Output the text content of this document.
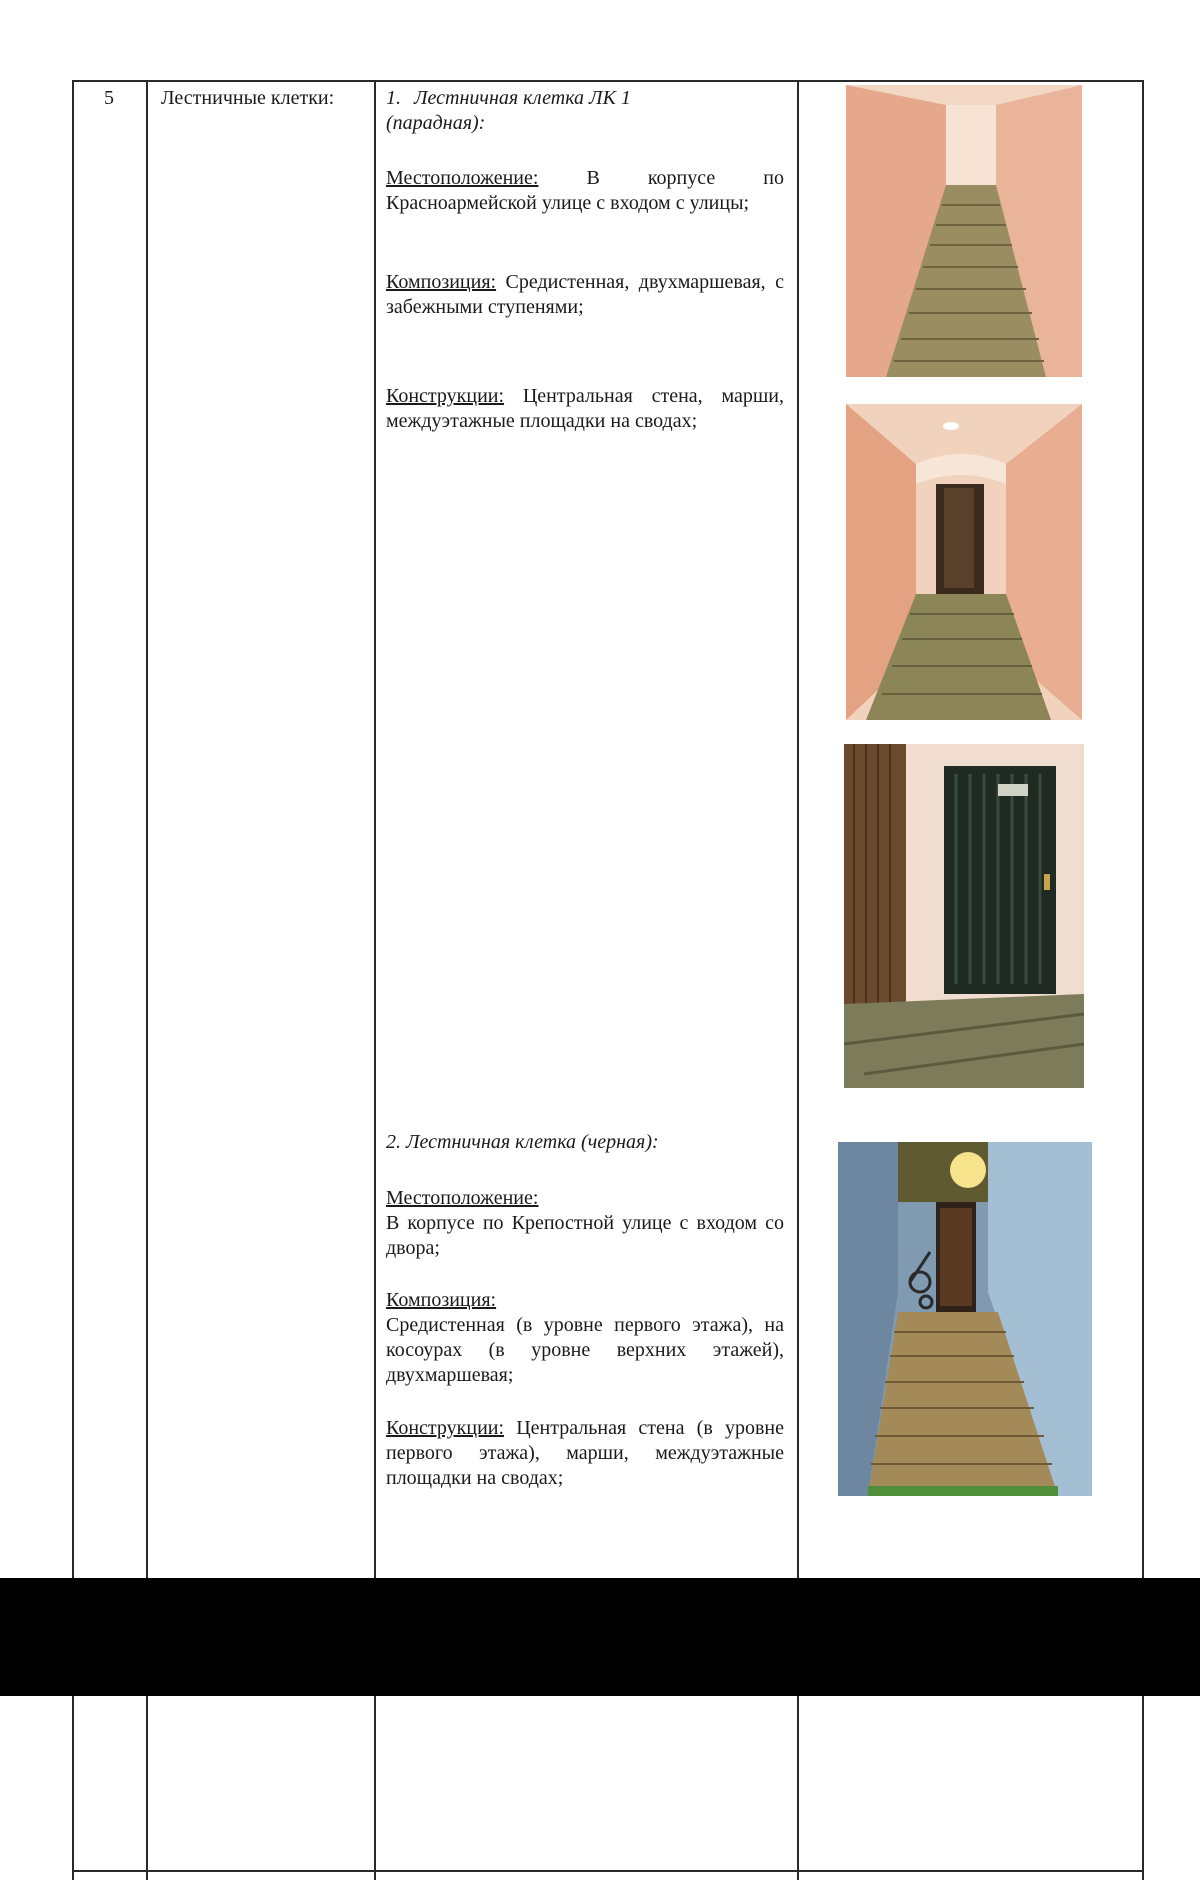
5 Лестничные клетки:	1. Лестничная клетка ЛК 1

(парадная):

Местоположение: В корпусе по Красноармейской улице с входом с улицы;

Композиция: Средистенная, двухмаршевая, с забежными ступенями;

Конструкции: Центральная стена, марши, междуэтажные площадки на сводах;

2. Лестничная клетка (черная):

Местоположение:

В корпусе по Крепостной улице с входом со двора;

Композиция:

Средистенная (в уровне первого этажа), на косоурах (в уровне верхних этажей), двухмаршевая;

Конструкции: Центральная стена (в уровне первого этажа), марши, междуэтажные площадки на сводах;
